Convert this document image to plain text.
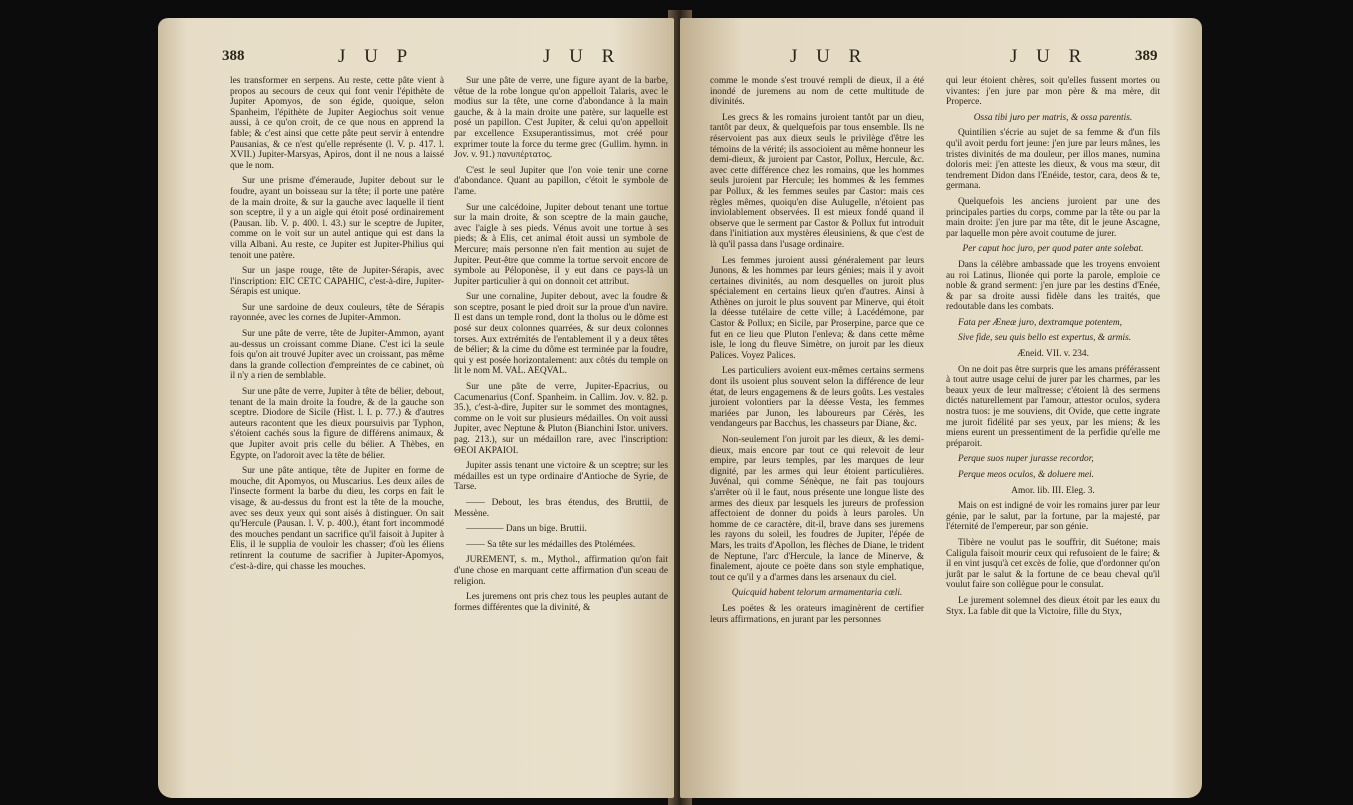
388	J U P	J U R

les transformer en serpens. Au reste, cette pâte vient à propos au secours de ceux qui font venir l'épithète de Jupiter Apomyos, de son égide, quoique, selon Spanheim, l'épithète de Jupiter Aegiochus soit venue aussi, à ce qu'on croit, de ce que nous en apprend la fable; & c'est ainsi que cette pâte peut servir à entendre Pausanias, & ce n'est qu'elle représente (l. V. p. 417. l. XVII.) Jupiter-Marsyas, Apiros, dont il ne nous a laissé que le nom.

Sur une prisme d'émeraude, Jupiter debout sur le foudre, ayant un boisseau sur la tête; il porte une patère de la main droite, & sur la gauche avec laquelle il tient son sceptre, il y a un aigle qui étoit posé ordinairement (Pausan. lib. V. p. 400. l. 43.) sur le sceptre de Jupiter, comme on le voit sur un autel antique qui est dans la villa Albani. Au reste, ce Jupiter est Jupiter-Philius qui tenoit une patère.

Sur un jaspe rouge, tête de Jupiter-Sérapis, avec l'inscription: EIC CETC CAPAHIC, c'est-à-dire, Jupiter-Sérapis est unique.

Sur une sardoine de deux couleurs, tête de Sérapis rayonnée, avec les cornes de Jupiter-Ammon.

Sur une pâte de verre, tête de Jupiter-Ammon, ayant au-dessus un croissant comme Diane. C'est ici la seule fois qu'on ait trouvé Jupiter avec un croissant, pas même dans la grande collection d'empreintes de ce cabinet, où il n'y a rien de semblable.

Sur une pâte de verre, Jupiter à tête de bélier, debout, tenant de la main droite la foudre, & de la gauche son sceptre. Diodore de Sicile (Hist. l. I. p. 77.) & d'autres auteurs racontent que les dieux poursuivis par Typhon, s'étoient cachés sous la figure de différens animaux, & que Jupiter avoit pris celle du bélier. A Thèbes, en Egypte, on l'adoroit avec la tête de bélier.

Sur une pâte antique, tête de Jupiter en forme de mouche, dit Apomyos, ou Muscarius. Les deux ailes de l'insecte forment la barbe du dieu, les corps en fait le visage, & au-dessus du front est la tête de la mouche, avec ses deux yeux qui sont aisés à distinguer. On sait qu'Hercule (Pausan. l. V. p. 400.), étant fort incommodé des mouches pendant un sacrifice qu'il faisoit à Jupiter à Elis, il le supplia de vouloir les chasser; d'où les éliens retinrent la coutume de sacrifier à Jupiter-Apomyos, c'est-à-dire, qui chasse les mouches.

Sur une pâte de verre, une figure ayant de la barbe, vêtue de la robe longue qu'on appelloit Talaris, avec le modius sur la tête, une corne d'abondance à la main gauche, & à la main droite une patère, sur laquelle est posé un papillon. C'est Jupiter, & celui qu'on appelloit par excellence Exsuperantissimus, mot créé pour exprimer toute la force du terme grec (Gullim. hymn. in Jov. v. 91.) πανυπέρτατος.

C'est le seul Jupiter que l'on voie tenir une corne d'abondance. Quant au papillon, c'étoit le symbole de l'ame.

Sur une calcédoine, Jupiter debout tenant une tortue sur la main droite, & son sceptre de la main gauche, avec l'aigle à ses pieds. Vénus avoit une tortue à ses pieds; & à Elis, cet animal étoit aussi un symbole de Mercure; mais personne n'en fait mention au sujet de Jupiter. Peut-être que comme la tortue servoit encore de symbole au Péloponèse, il y eut dans ce pays-là un Jupiter particulier à qui on donnoit cet attribut.

Sur une cornaline, Jupiter debout, avec la foudre & son sceptre, posant le pied droit sur la proue d'un navire. Il est dans un temple rond, dont la tholus ou le dôme est posé sur deux colonnes quarrées, & sur deux colonnes torses. Aux extrémités de l'entablement il y a deux têtes de bélier; & la cime du dôme est terminée par la foudre, qui y est posée horizontalement: aux côtés du temple on lit le nom M. VAL. AEQVAL.

Sur une pâte de verre, Jupiter-Epacrius, ou Cacumenarius (Conf. Spanheim. in Callim. Jov. v. 82. p. 35.), c'est-à-dire, Jupiter sur le sommet des montagnes, comme on le voit sur plusieurs médailles. On voit aussi Jupiter, avec Neptune & Pluton (Bianchini Istor. univers. pag. 213.), sur un médaillon rare, avec l'inscription: ΘΕΟΙ ΑΚΡΑΙΟΙ.

Jupiter assis tenant une victoire & un sceptre; sur les médailles est un type ordinaire d'Antioche de Syrie, de Tarse.

—— Debout, les bras étendus, des Bruttii, de Messène.

———— Dans un bige. Bruttii.

—— Sa tête sur les médailles des Ptolémées.

JUREMENT, s. m., Mythol., affirmation qu'on fait d'une chose en marquant cette affirmation d'un sceau de religion.

Les juremens ont pris chez tous les peuples autant de formes différentes que la divinité, &

J U R	J U R	389

comme le monde s'est trouvé rempli de dieux, il a été inondé de juremens au nom de cette multitude de divinités.

Les grecs & les romains juroient tantôt par un dieu, tantôt par deux, & quelquefois par tous ensemble. Ils ne réservoient pas aux dieux seuls le privilège d'être les témoins de la vérité; ils associoient au même honneur les demi-dieux, & juroient par Castor, Pollux, Hercule, &c. avec cette différence chez les romains, que les hommes seuls juroient par Hercule; les hommes & les femmes par Pollux, & les femmes seules par Castor: mais ces règles mêmes, quoiqu'en dise Aulugelle, n'étoient pas inviolablement observées. Il est mieux fondé quand il observe que le serment par Castor & Pollux fut introduit dans l'initiation aux mystères éleusiniens, & que c'est de là qu'il passa dans l'usage ordinaire.

Les femmes juroient aussi généralement par leurs Junons, & les hommes par leurs génies; mais il y avoit certaines divinités, au nom desquelles on juroit plus spécialement en certains lieux qu'en d'autres. Ainsi à Athènes on juroit le plus souvent par Minerve, qui étoit la déesse tutélaire de cette ville; à Lacédémone, par Castor & Pollux; en Sicile, par Proserpine, parce que ce fut en ce lieu que Pluton l'enleva; & dans cette même isle, le long du fleuve Simètre, on juroit par les dieux Palices. Voyez Palices.

Les particuliers avoient eux-mêmes certains sermens dont ils usoient plus souvent selon la différence de leur état, de leurs engagemens & de leurs goûts. Les vestales juroient volontiers par la déesse Vesta, les femmes mariées par Junon, les laboureurs par Cérès, les vendangeurs par Bacchus, les chasseurs par Diane, &c.

Non-seulement l'on juroit par les dieux, & les demi-dieux, mais encore par tout ce qui relevoit de leur empire, par leurs temples, par les marques de leur dignité, par les armes qui leur étoient particulières. Juvénal, qui comme Sénèque, ne fait pas toujours s'arrêter où il le faut, nous présente une longue liste des armes des dieux par lesquels les jureurs de profession affectoient de donner du poids à leurs paroles. Un homme de ce caractère, dit-il, brave dans ses juremens les rayons du soleil, les foudres de Jupiter, l'épée de Mars, les traits d'Apollon, les flèches de Diane, le trident de Neptune, l'arc d'Hercule, la lance de Minerve, & finalement, ajoute ce poëte dans son style emphatique, tout ce qu'il y a d'armes dans les arsenaux du ciel.

Quicquid habent telorum armamentaria cœli.

Les poëtes & les orateurs imaginèrent de certifier leurs affirmations, en jurant par les personnes

qui leur étoient chères, soit qu'elles fussent mortes ou vivantes: j'en jure par mon père & ma mère, dit Properce.

Ossa tibi juro per matris, & ossa parentis.

Quintilien s'écrie au sujet de sa femme & d'un fils qu'il avoit perdu fort jeune: j'en jure par leurs mânes, les tristes divinités de ma douleur, per illos manes, numina doloris mei: j'en atteste les dieux, & vous ma sœur, dit tendrement Didon dans l'Enéide, testor, cara, deos & te, germana.

Quelquefois les anciens juroient par une des principales parties du corps, comme par la tête ou par la main droite: j'en jure par ma tête, dit le jeune Ascagne, par laquelle mon père avoit coutume de jurer.

Per caput hoc juro, per quod pater ante solebat.

Dans la célèbre ambassade que les troyens envoient au roi Latinus, Ilionée qui porte la parole, emploie ce noble & grand serment: j'en jure par les destins d'Enée, & par sa droite aussi fidèle dans les traités, que redoutable dans les combats.

Fata per Æneæ juro, dextramque potentem,

Sive fide, seu quis bello est expertus, & armis.

Æneid. VII. v. 234.

On ne doit pas être surpris que les amans préférassent à tout autre usage celui de jurer par les charmes, par les beaux yeux de leur maîtresse; c'étoient là des sermens dictés naturellement par l'amour, attestor oculos, sydera nostra tuos: je me souviens, dit Ovide, que cette ingrate me juroit fidélité par ses yeux, par les miens; & les miens eurent un pressentiment de la perfidie qu'elle me préparoit.

Perque suos nuper jurasse recordor,

Perque meos oculos, & doluere mei.

Amor. lib. III. Eleg. 3.

Mais on est indigné de voir les romains jurer par leur génie, par le salut, par la fortune, par la majesté, par l'éternité de l'empereur, par son génie.

Tibère ne voulut pas le souffrir, dit Suétone; mais Caligula faisoit mourir ceux qui refusoient de le faire; & il en vint jusqu'à cet excès de folie, que d'ordonner qu'on jurât par le salut & la fortune de ce beau cheval qu'il voulut faire son collègue pour le consulat.

Le jurement solemnel des dieux étoit par les eaux du Styx. La fable dit que la Victoire, fille du Styx,
